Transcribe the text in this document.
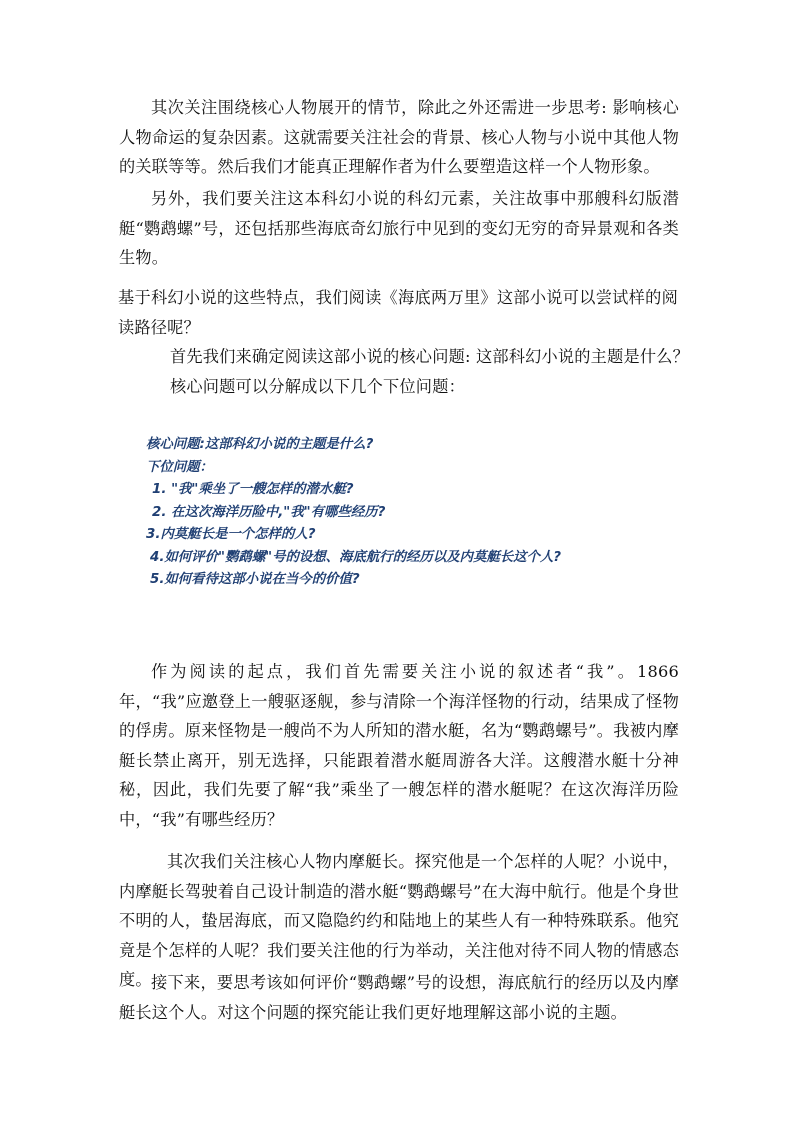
其次关注围绕核心人物展开的情节，除此之外还需进一步思考: 影响核心人物命运的复杂因素。这就需要关注社会的背景、核心人物与小说中其他人物的关联等等。然后我们才能真正理解作者为什么要塑造这样一个人物形象。

另外，我们要关注这本科幻小说的科幻元素，关注故事中那艘科幻版潜艇“鹦鹉螺”号，还包括那些海底奇幻旅行中见到的变幻无穷的奇异景观和各类生物。

基于科幻小说的这些特点，我们阅读《海底两万里》这部小说可以尝试样的阅读路径呢？

首先我们来确定阅读这部小说的核心问题: 这部科幻小说的主题是什么？

核心问题可以分解成以下几个下位问题：

核心问题:这部科幻小说的主题是什么?

下位问题：

1. "我"乘坐了一艘怎样的潜水艇?

2. 在这次海洋历险中,"我"有哪些经历?

3.内莫艇长是一个怎样的人?

4.如何评价"鹦鹉螺"号的设想、海底航行的经历以及内莫艇长这个人?

5.如何看待这部小说在当今的价值?

作为阅读的起点，我们首先需要关注小说的叙述者“我”。1866 年，“我”应邀登上一艘驱逐舰，参与清除一个海洋怪物的行动，结果成了怪物的俘虏。原来怪物是一艘尚不为人所知的潜水艇，名为“鹦鹉螺号”。我被内摩艇长禁止离开，别无选择，只能跟着潜水艇周游各大洋。这艘潜水艇十分神秘，因此，我们先要了解“我”乘坐了一艘怎样的潜水艇呢？在这次海洋历险中，“我”有哪些经历？

其次我们关注核心人物内摩艇长。探究他是一个怎样的人呢？小说中，内摩艇长驾驶着自己设计制造的潜水艇“鹦鹉螺号”在大海中航行。他是个身世不明的人，蛰居海底，而又隐隐约约和陆地上的某些人有一种特殊联系。他究竟是个怎样的人呢？我们要关注他的行为举动，关注他对待不同人物的情感态度。 接下来，要思考该如何评价“鹦鹉螺”号的设想，海底航行的经历以及内摩艇长这个人。对这个问题的探究能让我们更好地理解这部小说的主题。
